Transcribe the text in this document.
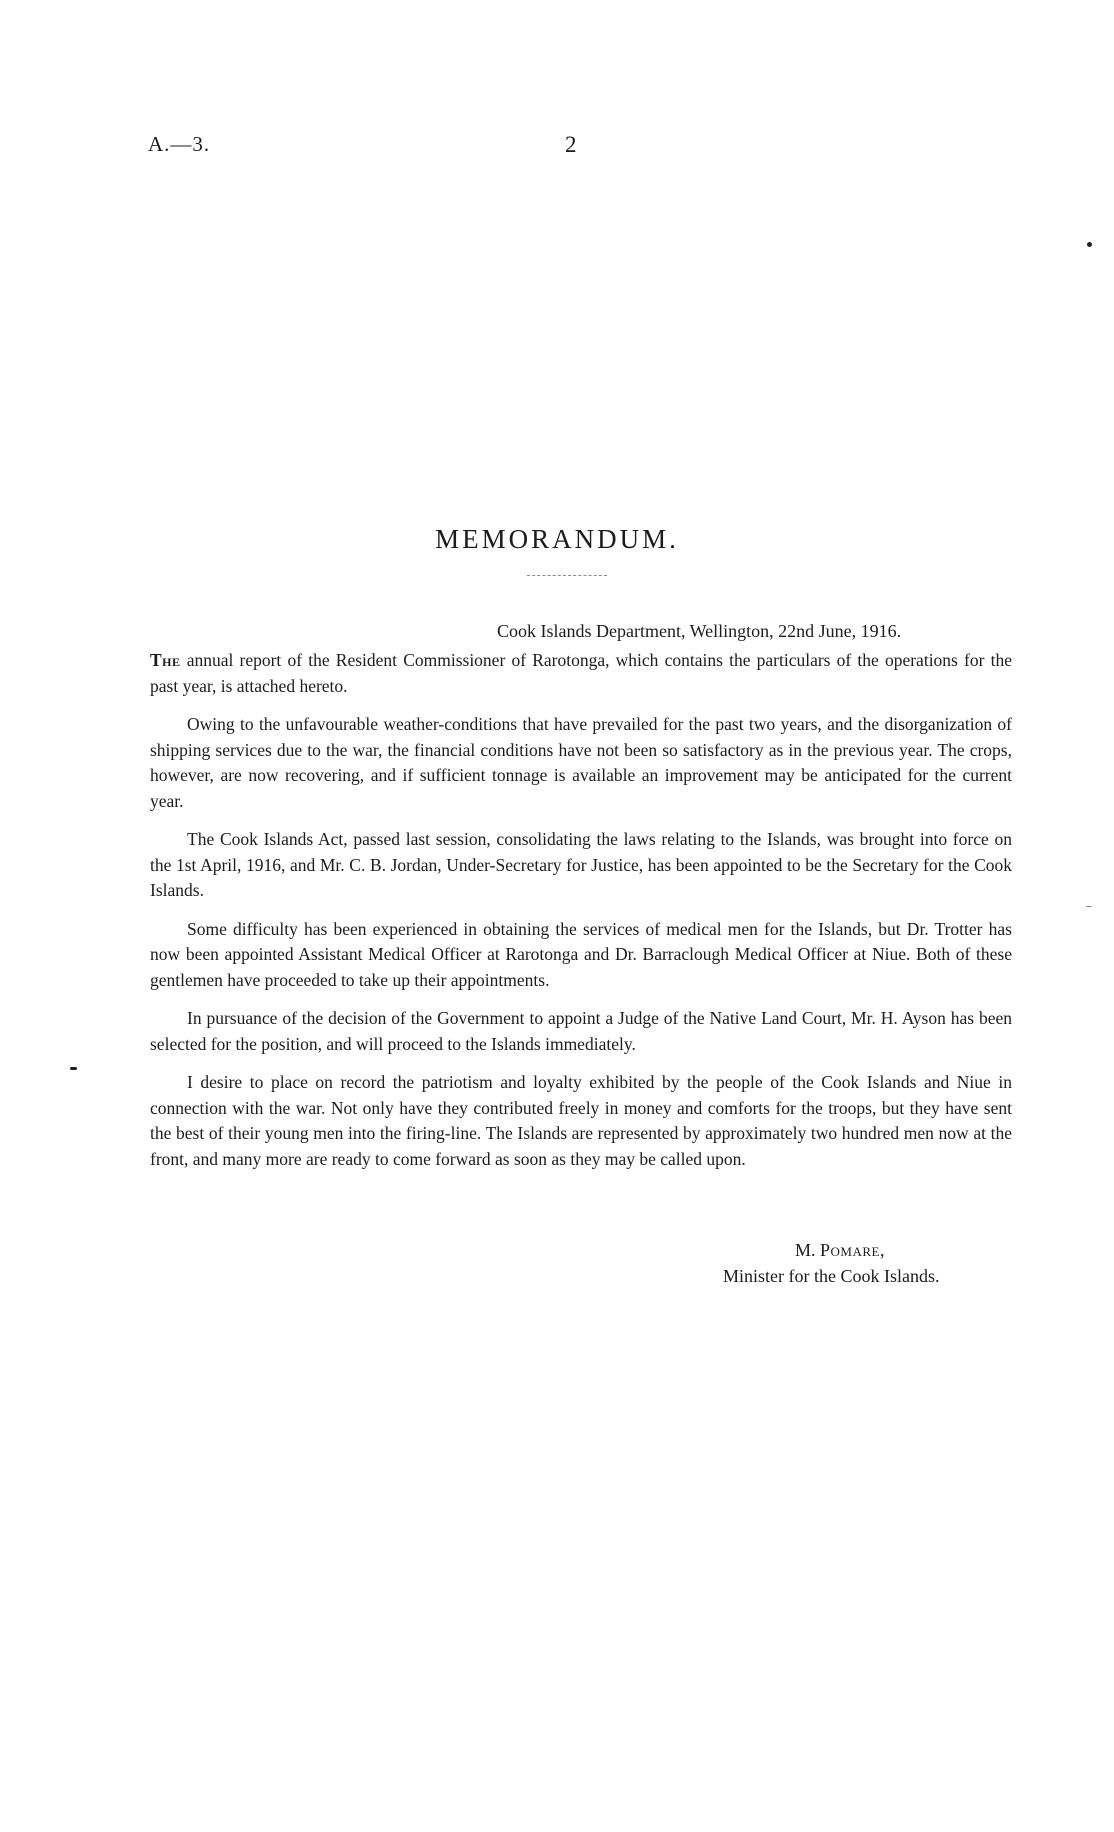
A.—3.	2
MEMORANDUM.
Cook Islands Department, Wellington, 22nd June, 1916.

The annual report of the Resident Commissioner of Rarotonga, which contains the particulars of the operations for the past year, is attached hereto.

Owing to the unfavourable weather-conditions that have prevailed for the past two years, and the disorganization of shipping services due to the war, the financial conditions have not been so satisfactory as in the previous year. The crops, however, are now recovering, and if sufficient tonnage is available an improvement may be anticipated for the current year.

The Cook Islands Act, passed last session, consolidating the laws relating to the Islands, was brought into force on the 1st April, 1916, and Mr. C. B. Jordan, Under-Secretary for Justice, has been appointed to be the Secretary for the Cook Islands.

Some difficulty has been experienced in obtaining the services of medical men for the Islands, but Dr. Trotter has now been appointed Assistant Medical Officer at Rarotonga and Dr. Barraclough Medical Officer at Niue. Both of these gentlemen have proceeded to take up their appointments.

In pursuance of the decision of the Government to appoint a Judge of the Native Land Court, Mr. H. Ayson has been selected for the position, and will proceed to the Islands immediately.

I desire to place on record the patriotism and loyalty exhibited by the people of the Cook Islands and Niue in connection with the war. Not only have they contributed freely in money and comforts for the troops, but they have sent the best of their young men into the firing-line. The Islands are represented by approximately two hundred men now at the front, and many more are ready to come forward as soon as they may be called upon.

M. Pomare,
Minister for the Cook Islands.
